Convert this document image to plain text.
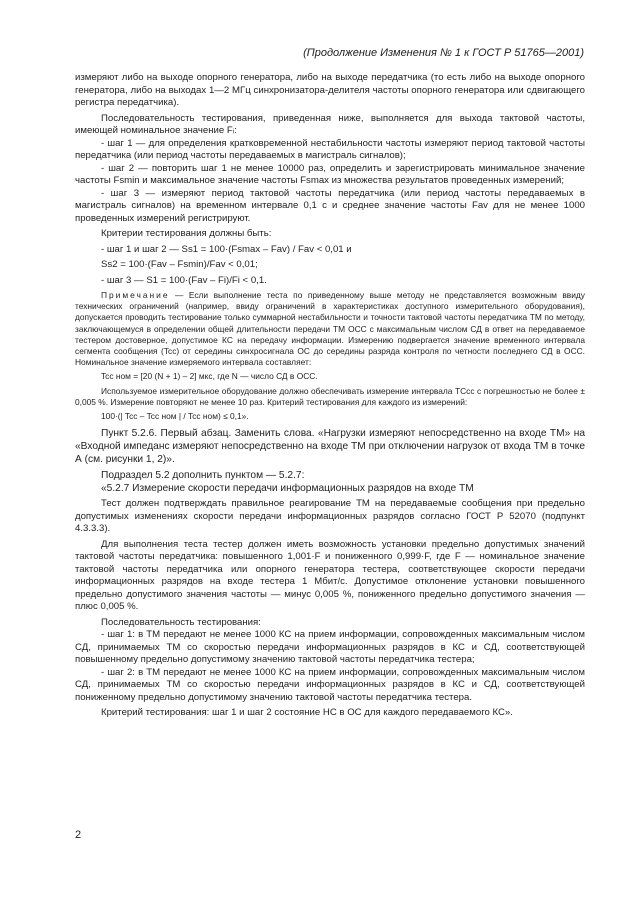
(Продолжение Изменения № 1 к ГОСТ Р 51765—2001)

измеряют либо на выходе опорного генератора, либо на выходе передатчика (то есть либо на выходе опорного генератора, либо на выходах 1—2 МГц синхронизатора-делителя частоты опорного генератора или сдвигающего регистра передатчика).

Последовательность тестирования, приведенная ниже, выполняется для выхода тактовой частоты, имеющей номинальное значение Fᵢ:

- шаг 1 — для определения кратковременной нестабильности частоты измеряют период тактовой частоты передатчика (или период частоты передаваемых в магистраль сигналов);

- шаг 2 — повторить шаг 1 не менее 10000 раз, определить и зарегистрировать минимальное значение частоты Fsmin и максимальное значение частоты Fsmax из множества результатов проведенных измерений;

- шаг 3 — измеряют период тактовой частоты передатчика (или период частоты передаваемых в магистраль сигналов) на временном интервале 0,1 с и среднее значение частоты Fav для не менее 1000 проведенных измерений регистрируют.

Критерии тестирования должны быть:

- шаг 1 и шаг 2 — Ss1 = 100·(Fsmax – Fav) / Fav < 0,01 и

Ss2 = 100·(Fav – Fsmin)/Fav < 0,01;

- шаг 3 — S1 = 100·(Fav – Fi)/Fi < 0,1.

Примечание — Если выполнение теста по приведенному выше методу не представляется возможным ввиду технических ограничений (например, ввиду ограничений в характеристиках доступного измерительного оборудования), допускается проводить тестирование только суммарной нестабильности и точности тактовой частоты передатчика ТМ по методу, заключающемуся в определении общей длительности передачи ТМ ОСС с максимальным числом СД в ответ на передаваемое тестером достоверное, допустимое КС на передачу информации. Измерению подвергается значение временного интервала сегмента сообщения (Tcc) от середины синхросигнала ОС до середины разряда контроля по четности последнего СД в ОСС. Номинальное значение измеряемого интервала составляет:

Tcc ном = [20 (N + 1) – 2] мкс, где N — число СД в ОСС.

Используемое измерительное оборудование должно обеспечивать измерение интервала TCcc с погрешностью не более ± 0,005 %. Измерение повторяют не менее 10 раз. Критерий тестирования для каждого из измерений:

100·(| Tcc – Tcc ном | / Tcc ном) ≤ 0,1».

Пункт 5.2.6. Первый абзац. Заменить слова. «Нагрузки измеряют непосредственно на входе ТМ» на «Входной импеданс измеряют непосредственно на входе ТМ при отключении нагрузок от входа ТМ в точке А (см. рисунки 1, 2)».

Подраздел 5.2 дополнить пунктом — 5.2.7:

«5.2.7 Измерение скорости передачи информационных разрядов на входе ТМ

Тест должен подтверждать правильное реагирование ТМ на передаваемые сообщения при предельно допустимых изменениях скорости передачи информационных разрядов согласно ГОСТ Р 52070 (подпункт 4.3.3.3).

Для выполнения теста тестер должен иметь возможность установки предельно допустимых значений тактовой частоты передатчика: повышенного 1,001·F и пониженного 0,999·F, где F — номинальное значение тактовой частоты передатчика или опорного генератора тестера, соответствующее скорости передачи информационных разрядов на входе тестера 1 Мбит/с. Допустимое отклонение установки повышенного предельно допустимого значения частоты — минус 0,005 %, пониженного предельно допустимого значения — плюс 0,005 %.

Последовательность тестирования:

- шаг 1: в ТМ передают не менее 1000 КС на прием информации, сопровожденных максимальным числом СД, принимаемых ТМ со скоростью передачи информационных разрядов в КС и СД, соответствующей повышенному предельно допустимому значению тактовой частоты передатчика тестера;

- шаг 2: в ТМ передают не менее 1000 КС на прием информации, сопровожденных максимальным числом СД, принимаемых ТМ со скоростью передачи информационных разрядов в КС и СД, соответствующей пониженному предельно допустимому значению тактовой частоты передатчика тестера.

Критерий тестирования: шаг 1 и шаг 2 состояние НС в ОС для каждого передаваемого КС».

2
